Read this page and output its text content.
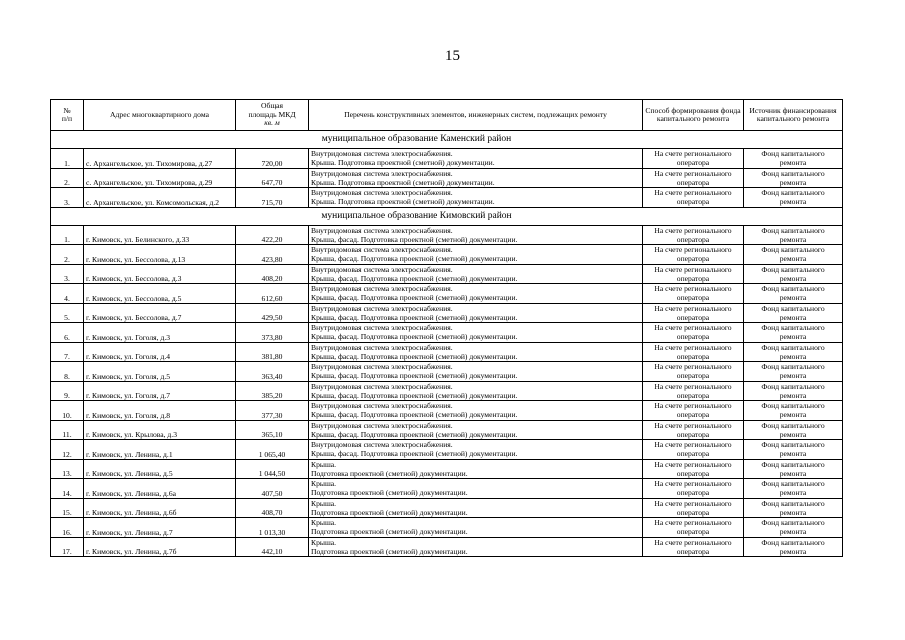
15
№
п/п	Адрес многоквартирного дома	Общая
площадь МКД
кв. м	Перечень конструктивных элементов, инженерных систем, подлежащих ремонту	Способ формирования фонда капитального ремонта	Источник финансирования капитального ремонта
муниципальное образование Каменский район					
1.	с. Архангельское, ул. Тихомирова, д.27	720,00	Внутридомовая система электроснабжения.
Крыша. Подготовка проектной (сметной) документации.	На счете регионального
оператора	Фонд капитального
ремонта

2.	с. Архангельское, ул. Тихомирова, д.29	647,70	Внутридомовая система электроснабжения.
Крыша. Подготовка проектной (сметной) документации.	На счете регионального
оператора	Фонд капитального
ремонта

3.	с. Архангельское, ул. Комсомольская, д.2	715,70	Внутридомовая система электроснабжения.
Крыша. Подготовка проектной (сметной) документации.	На счете регионального
оператора	Фонд капитального
ремонта

муниципальное образование Кимовский район					
1.	г. Кимовск, ул. Белинского, д.33	422,20	Внутридомовая система электроснабжения.
Крыша, фасад. Подготовка проектной (сметной) документации.	На счете регионального
оператора	Фонд капитального
ремонта

2.	г. Кимовск, ул. Бессолова, д.13	423,80	Внутридомовая система электроснабжения.
Крыша, фасад. Подготовка проектной (сметной) документации.	На счете регионального
оператора	Фонд капитального
ремонта

3.	г. Кимовск, ул. Бессолова, д.3	408,20	Внутридомовая система электроснабжения.
Крыша, фасад. Подготовка проектной (сметной) документации.	На счете регионального
оператора	Фонд капитального
ремонта

4.	г. Кимовск, ул. Бессолова, д.5	612,60	Внутридомовая система электроснабжения.
Крыша, фасад. Подготовка проектной (сметной) документации.	На счете регионального
оператора	Фонд капитального
ремонта

5.	г. Кимовск, ул. Бессолова, д.7	429,50	Внутридомовая система электроснабжения.
Крыша, фасад. Подготовка проектной (сметной) документации.	На счете регионального
оператора	Фонд капитального
ремонта

6.	г. Кимовск, ул. Гоголя, д.3	373,80	Внутридомовая система электроснабжения.
Крыша, фасад. Подготовка проектной (сметной) документации.	На счете регионального
оператора	Фонд капитального
ремонта

7.	г. Кимовск, ул. Гоголя, д.4	381,80	Внутридомовая система электроснабжения.
Крыша, фасад. Подготовка проектной (сметной) документации.	На счете регионального
оператора	Фонд капитального
ремонта

8.	г. Кимовск, ул. Гоголя, д.5	363,40	Внутридомовая система электроснабжения.
Крыша, фасад. Подготовка проектной (сметной) документации.	На счете регионального
оператора	Фонд капитального
ремонта

9.	г. Кимовск, ул. Гоголя, д.7	385,20	Внутридомовая система электроснабжения.
Крыша, фасад. Подготовка проектной (сметной) документации.	На счете регионального
оператора	Фонд капитального
ремонта

10.	г. Кимовск, ул. Гоголя, д.8	377,30	Внутридомовая система электроснабжения.
Крыша, фасад. Подготовка проектной (сметной) документации.	На счете регионального
оператора	Фонд капитального
ремонта

11.	г. Кимовск, ул. Крылова, д.3	365,10	Внутридомовая система электроснабжения.
Крыша, фасад. Подготовка проектной (сметной) документации.	На счете регионального
оператора	Фонд капитального
ремонта

12.	г. Кимовск, ул. Ленина, д.1	1 065,40	Внутридомовая система электроснабжения.
Крыша, фасад. Подготовка проектной (сметной) документации.	На счете регионального
оператора	Фонд капитального
ремонта

13.	г. Кимовск, ул. Ленина, д.5	1 044,50	Крыша.
Подготовка проектной (сметной) документации.	На счете регионального
оператора	Фонд капитального
ремонта

14.	г. Кимовск, ул. Ленина, д.6а	407,50	Крыша.
Подготовка проектной (сметной) документации.	На счете регионального
оператора	Фонд капитального
ремонта

15.	г. Кимовск, ул. Ленина, д.6б	408,70	Крыша.
Подготовка проектной (сметной) документации.	На счете регионального
оператора	Фонд капитального
ремонта

16.	г. Кимовск, ул. Ленина, д.7	1 013,30	Крыша.
Подготовка проектной (сметной) документации.	На счете регионального
оператора	Фонд капитального
ремонта

17.	г. Кимовск, ул. Ленина, д.7б	442,10	Крыша.
Подготовка проектной (сметной) документации.	На счете регионального
оператора	Фонд капитального
ремонта
